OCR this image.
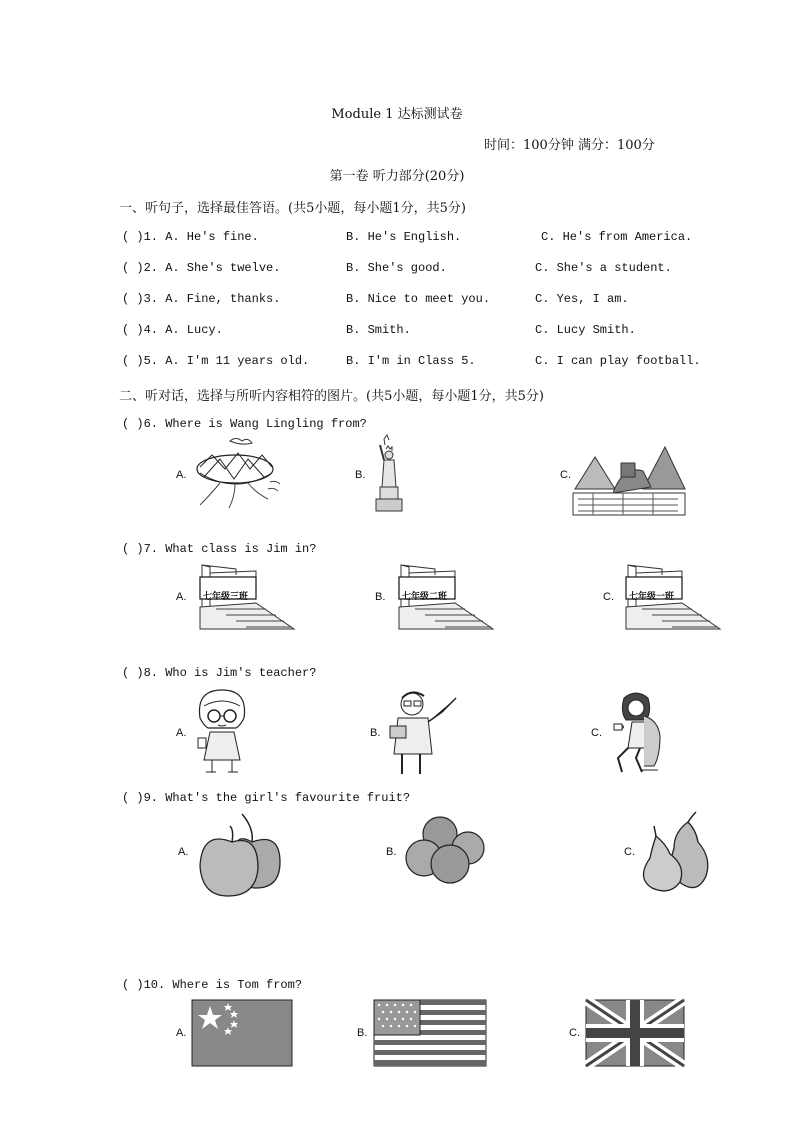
Module 1 达标测试卷
时间：100分钟 满分：100分
第一卷 听力部分(20分)
一、听句子，选择最佳答语。(共5小题，每小题1分，共5分)
( )1. A. He's fine.	B. He's English.	C. He's from America.
( )2. A. She's twelve.	B. She's good.	C. She's a student.
( )3. A. Fine, thanks.	B. Nice to meet you.	C. Yes, I am.
( )4. A. Lucy.	B. Smith.	C. Lucy Smith.
( )5. A. I'm 11 years old.	B. I'm in Class 5.	C. I can play football.
二、听对话，选择与所听内容相符的图片。(共5小题，每小题1分，共5分)
( )6. Where is Wang Lingling from?
A.	B.	C.
( )7. What class is Jim in?
A. 七年级三班	B. 七年级二班	C. 七年级一班
( )8. Who is Jim's teacher?
A.	B.	C.
( )9. What's the girl's favourite fruit?
A.	B.	C.
( )10. Where is Tom from?
A.	B.	C.
